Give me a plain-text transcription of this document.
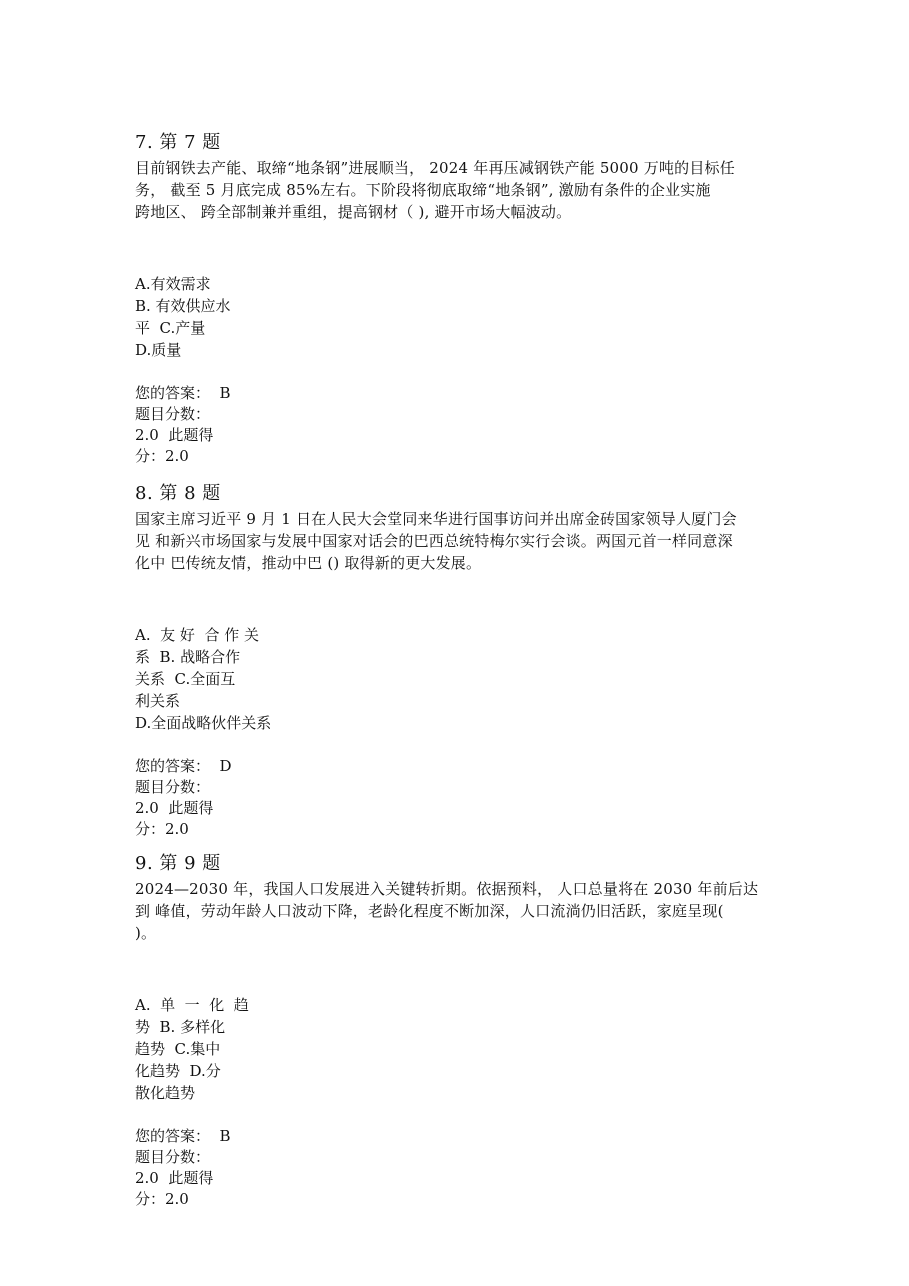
7. 第 7 题
目前钢铁去产能、取缔“地条钢”进展顺当， 2024 年再压减钢铁产能 5000 万吨的目标任
务， 截至 5 月底完成 85%左右。下阶段将彻底取缔“地条钢”, 激励有条件的企业实施
跨地区、 跨全部制兼并重组，提高钢材（ ), 避开市场大幅波动。
A.有效需求
B. 有效供应水
平  C.产量
D.质量
您的答案：  B
题目分数：
2.0  此题得
分：2.0
8. 第 8 题
国家主席习近平 9 月 1 日在人民大会堂同来华进行国事访问并出席金砖国家领导人厦门会
见 和新兴市场国家与发展中国家对话会的巴西总统特梅尔实行会谈。两国元首一样同意深
化中 巴传统友情，推动中巴 () 取得新的更大发展。
A.  友 好  合 作 关
系  B. 战略合作
关系  C.全面互
利关系
D.全面战略伙伴关系
您的答案：  D
题目分数：
2.0  此题得
分：2.0
9. 第 9 题
2024—2030 年，我国人口发展进入关键转折期。依据预料， 人口总量将在 2030 年前后达
到 峰值，劳动年龄人口波动下降，老龄化程度不断加深，人口流淌仍旧活跃，家庭呈现(
)。
A.  单  一  化  趋
势  B. 多样化
趋势  C.集中
化趋势  D.分
散化趋势
您的答案：  B
题目分数：
2.0  此题得
分：2.0
